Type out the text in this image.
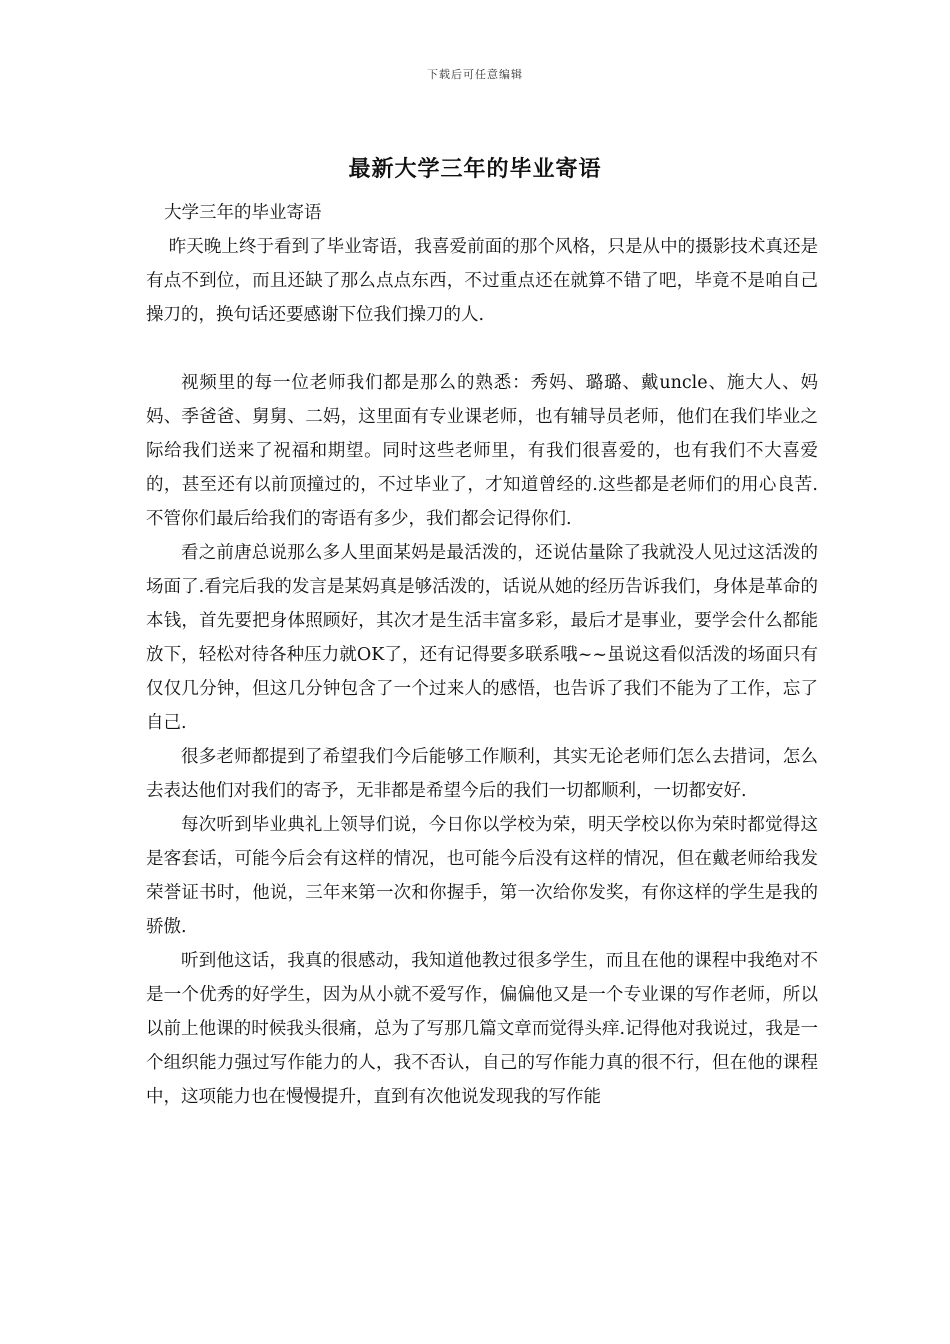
下载后可任意编辑
最新大学三年的毕业寄语

大学三年的毕业寄语

昨天晚上终于看到了毕业寄语，我喜爱前面的那个风格，只是从中的摄影技术真还是有点不到位，而且还缺了那么点点东西，不过重点还在就算不错了吧，毕竟不是咱自己操刀的，换句话还要感谢下位我们操刀的人.

视频里的每一位老师我们都是那么的熟悉：秀妈、璐璐、戴uncle、施大人、妈妈、季爸爸、舅舅、二妈，这里面有专业课老师，也有辅导员老师，他们在我们毕业之际给我们送来了祝福和期望。同时这些老师里，有我们很喜爱的，也有我们不大喜爱的，甚至还有以前顶撞过的，不过毕业了，才知道曾经的.这些都是老师们的用心良苦.不管你们最后给我们的寄语有多少，我们都会记得你们.

看之前唐总说那么多人里面某妈是最活泼的，还说估量除了我就没人见过这活泼的场面了.看完后我的发言是某妈真是够活泼的，话说从她的经历告诉我们，身体是革命的本钱，首先要把身体照顾好，其次才是生活丰富多彩，最后才是事业，要学会什么都能放下，轻松对待各种压力就OK了，还有记得要多联系哦~~虽说这看似活泼的场面只有仅仅几分钟，但这几分钟包含了一个过来人的感悟，也告诉了我们不能为了工作，忘了自己.

很多老师都提到了希望我们今后能够工作顺利，其实无论老师们怎么去措词，怎么去表达他们对我们的寄予，无非都是希望今后的我们一切都顺利，一切都安好.

每次听到毕业典礼上领导们说，今日你以学校为荣，明天学校以你为荣时都觉得这是客套话，可能今后会有这样的情况，也可能今后没有这样的情况，但在戴老师给我发荣誉证书时，他说，三年来第一次和你握手，第一次给你发奖，有你这样的学生是我的骄傲.

听到他这话，我真的很感动，我知道他教过很多学生，而且在他的课程中我绝对不是一个优秀的好学生，因为从小就不爱写作，偏偏他又是一个专业课的写作老师，所以以前上他课的时候我头很痛，总为了写那几篇文章而觉得头痒.记得他对我说过，我是一个组织能力强过写作能力的人，我不否认，自己的写作能力真的很不行，但在他的课程中，这项能力也在慢慢提升，直到有次他说发现我的写作能
